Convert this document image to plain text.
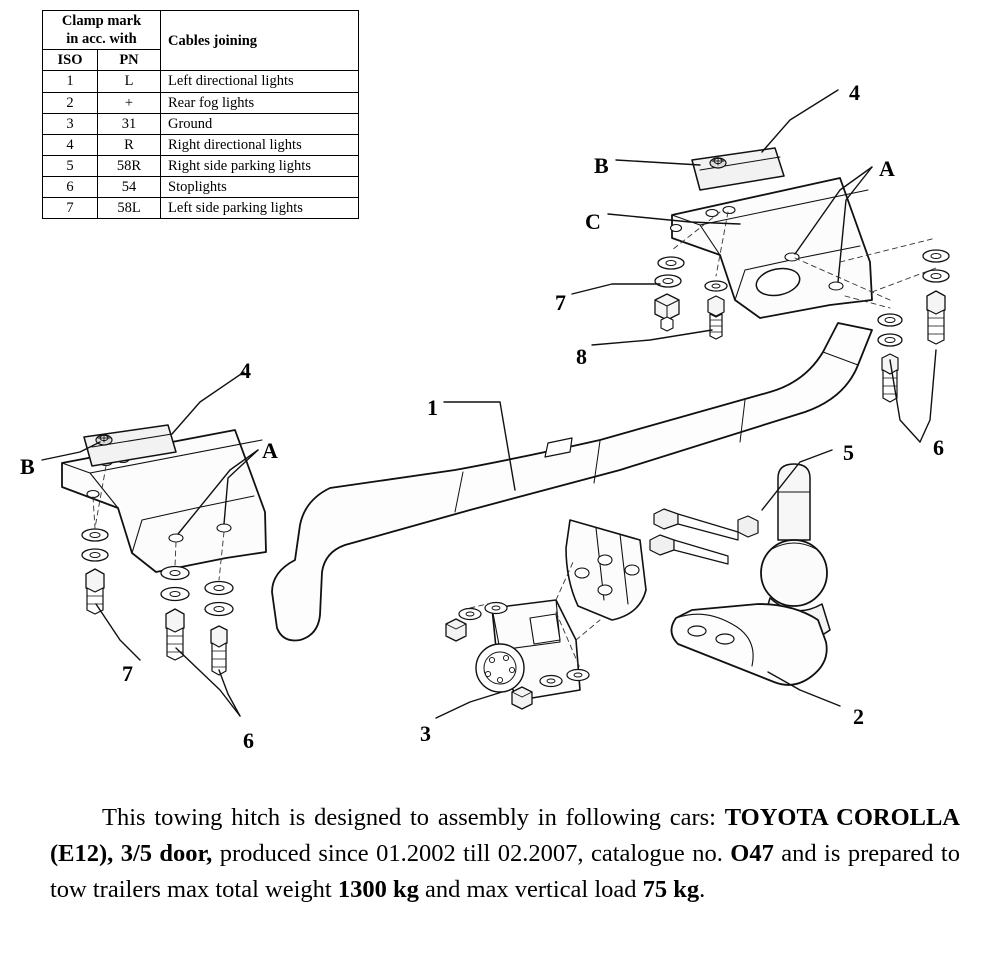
Clamp mark
in acc. with		Cables joining
ISO	PN	
1	L	Left directional lights
2	+	Rear fog lights
3	31	Ground
4	R	Right directional lights
5	58R	Right side parking lights
6	54	Stoplights
7	58L	Left side parking lights
4
B	A
C
7
8
4
1
6
5
A
B
7
2
3
6
This towing hitch is designed to assembly in following cars: TOYOTA COROLLA (E12), 3/5 door, produced since 01.2002 till 02.2007, catalogue no. O47 and is prepared to tow trailers max total weight 1300 kg and max vertical load 75 kg.
